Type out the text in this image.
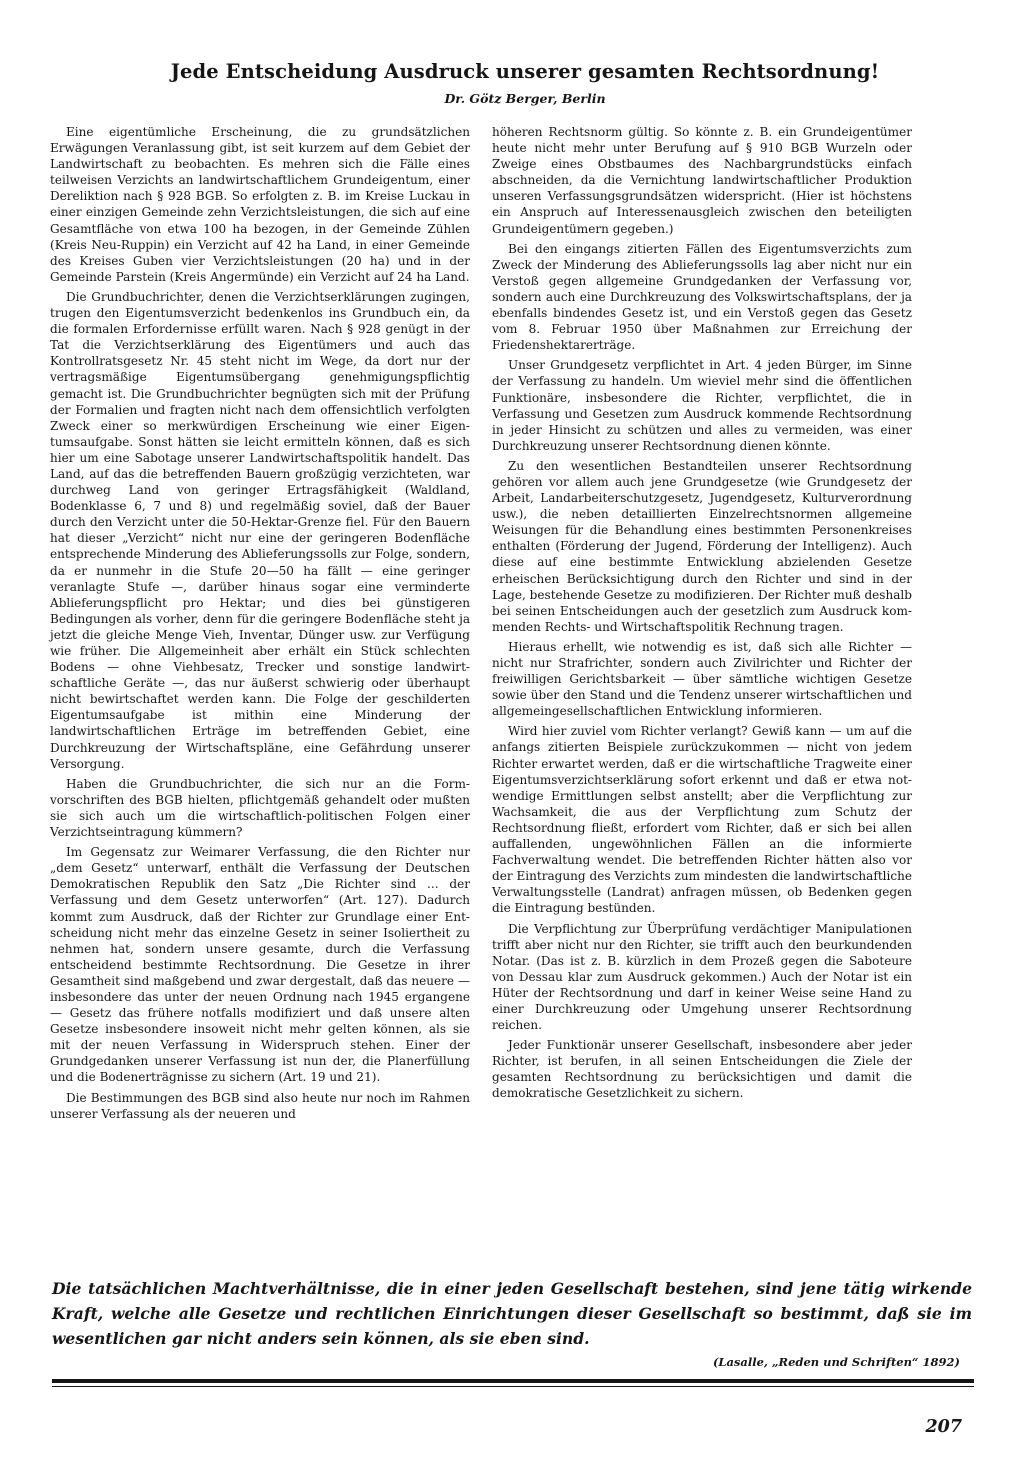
Jede Entscheidung Ausdruck unserer gesamten Rechtsordnung!

Dr. Götz Berger, Berlin

Eine eigentümliche Erscheinung, die zu grundsätzlichen Erwägungen Veranlassung gibt, ist seit kurzem auf dem Gebiet der Landwirtschaft zu beobachten. Es mehren sich die Fälle eines teilweisen Verzichts an landwirtschaftlichem Grundeigentum, einer Dereliktion nach § 928 BGB. So erfolgten z. B. im Kreise Luckau in einer einzigen Gemeinde zehn Verzichtsleistungen, die sich auf eine Gesamtfläche von etwa 100 ha bezogen, in der Gemeinde Zühlen (Kreis Neu-Ruppin) ein Verzicht auf 42 ha Land, in einer Gemeinde des Kreises Guben vier Verzichtsleistungen (20 ha) und in der Gemeinde Parstein (Kreis Angermünde) ein Verzicht auf 24 ha Land.

Die Grundbuchrichter, denen die Verzichtserklärungen zugingen, trugen den Eigentumsverzicht bedenkenlos ins Grundbuch ein, da die formalen Erfordernisse erfüllt waren. Nach § 928 genügt in der Tat die Verzichtserklärung des Eigentümers und auch das Kontrollratsgesetz Nr. 45 steht nicht im Wege, da dort nur der vertragsmäßige Eigentumsübergang genehmigungspflichtig gemacht ist. Die Grundbuchrichter begnügten sich mit der Prüfung der Formalien und fragten nicht nach dem offensichtlich verfolgten Zweck einer so merkwürdigen Erscheinung wie einer Eigentumsaufgabe. Sonst hätten sie leicht ermitteln können, daß es sich hier um eine Sabotage unserer Landwirtschaftspolitik handelt. Das Land, auf das die betreffenden Bauern großzügig verzichteten, war durchweg Land von geringer Ertragsfähigkeit (Waldland, Bodenklasse 6, 7 und 8) und regelmäßig soviel, daß der Bauer durch den Verzicht unter die 50-Hektar-Grenze fiel. Für den Bauern hat dieser „Verzicht“ nicht nur eine der geringeren Bodenfläche entsprechende Minderung des Ablieferungssolls zur Folge, sondern, da er nunmehr in die Stufe 20—50 ha fällt — eine geringer veranlagte Stufe —, darüber hinaus sogar eine verminderte Ablieferungspflicht pro Hektar; und dies bei günstigeren Bedingungen als vorher, denn für die geringere Bodenfläche steht ja jetzt die gleiche Menge Vieh, Inventar, Dünger usw. zur Verfügung wie früher. Die Allgemeinheit aber erhält ein Stück schlechten Bodens — ohne Viehbesatz, Trecker und sonstige landwirtschaftliche Geräte —, das nur äußerst schwierig oder überhaupt nicht bewirtschaftet werden kann. Die Folge der geschilderten Eigentumsaufgabe ist mithin eine Minderung der landwirtschaftlichen Erträge im betreffenden Gebiet, eine Durchkreuzung der Wirtschaftspläne, eine Gefährdung unserer Versorgung.

Haben die Grundbuchrichter, die sich nur an die Formvorschriften des BGB hielten, pflichtgemäß gehandelt oder mußten sie sich auch um die wirtschaftlich-politischen Folgen einer Verzichtseintragung kümmern?

Im Gegensatz zur Weimarer Verfassung, die den Richter nur „dem Gesetz“ unterwarf, enthält die Verfassung der Deutschen Demokratischen Republik den Satz „Die Richter sind ... der Verfassung und dem Gesetz unterworfen“ (Art. 127). Dadurch kommt zum Ausdruck, daß der Richter zur Grundlage einer Entscheidung nicht mehr das einzelne Gesetz in seiner Isoliertheit zu nehmen hat, sondern unsere gesamte, durch die Verfassung entscheidend bestimmte Rechtsordnung. Die Gesetze in ihrer Gesamtheit sind maßgebend und zwar dergestalt, daß das neuere — insbesondere das unter der neuen Ordnung nach 1945 ergangene — Gesetz das frühere notfalls modifiziert und daß unsere alten Gesetze insbesondere insoweit nicht mehr gelten können, als sie mit der neuen Verfassung in Widerspruch stehen. Einer der Grundgedanken unserer Verfassung ist nun der, die Planerfüllung und die Bodenerträgnisse zu sichern (Art. 19 und 21).

Die Bestimmungen des BGB sind also heute nur noch im Rahmen unserer Verfassung als der neueren und

höheren Rechtsnorm gültig. So könnte z. B. ein Grundeigentümer heute nicht mehr unter Berufung auf § 910 BGB Wurzeln oder Zweige eines Obstbaumes des Nachbargrundstücks einfach abschneiden, da die Vernichtung landwirtschaftlicher Produktion unseren Verfassungsgrundsätzen widerspricht. (Hier ist höchstens ein Anspruch auf Interessenausgleich zwischen den beteiligten Grundeigentümern gegeben.)

Bei den eingangs zitierten Fällen des Eigentumsverzichts zum Zweck der Minderung des Ablieferungssolls lag aber nicht nur ein Verstoß gegen allgemeine Grundgedanken der Verfassung vor, sondern auch eine Durchkreuzung des Volkswirtschaftsplans, der ja ebenfalls bindendes Gesetz ist, und ein Verstoß gegen das Gesetz vom 8. Februar 1950 über Maßnahmen zur Erreichung der Friedenshektarerträge.

Unser Grundgesetz verpflichtet in Art. 4 jeden Bürger, im Sinne der Verfassung zu handeln. Um wieviel mehr sind die öffentlichen Funktionäre, insbesondere die Richter, verpflichtet, die in Verfassung und Gesetzen zum Ausdruck kommende Rechtsordnung in jeder Hinsicht zu schützen und alles zu vermeiden, was einer Durchkreuzung unserer Rechtsordnung dienen könnte.

Zu den wesentlichen Bestandteilen unserer Rechtsordnung gehören vor allem auch jene Grundgesetze (wie Grundgesetz der Arbeit, Landarbeiterschutzgesetz, Jugendgesetz, Kulturverordnung usw.), die neben detaillierten Einzelrechtsnormen allgemeine Weisungen für die Behandlung eines bestimmten Personenkreises enthalten (Förderung der Jugend, Förderung der Intelligenz). Auch diese auf eine bestimmte Entwicklung abzielenden Gesetze erheischen Berücksichtigung durch den Richter und sind in der Lage, bestehende Gesetze zu modifizieren. Der Richter muß deshalb bei seinen Entscheidungen auch der gesetzlich zum Ausdruck kommenden Rechts- und Wirtschaftspolitik Rechnung tragen.

Hieraus erhellt, wie notwendig es ist, daß sich alle Richter — nicht nur Strafrichter, sondern auch Zivilrichter und Richter der freiwilligen Gerichtsbarkeit — über sämtliche wichtigen Gesetze sowie über den Stand und die Tendenz unserer wirtschaftlichen und allgemeingesellschaftlichen Entwicklung informieren.

Wird hier zuviel vom Richter verlangt? Gewiß kann — um auf die anfangs zitierten Beispiele zurückzukommen — nicht von jedem Richter erwartet werden, daß er die wirtschaftliche Tragweite einer Eigentumsverzichtserklärung sofort erkennt und daß er etwa notwendige Ermittlungen selbst anstellt; aber die Verpflichtung zur Wachsamkeit, die aus der Verpflichtung zum Schutz der Rechtsordnung fließt, erfordert vom Richter, daß er sich bei allen auffallenden, ungewöhnlichen Fällen an die informierte Fachverwaltung wendet. Die betreffenden Richter hätten also vor der Eintragung des Verzichts zum mindesten die landwirtschaftliche Verwaltungsstelle (Landrat) anfragen müssen, ob Bedenken gegen die Eintragung bestünden.

Die Verpflichtung zur Überprüfung verdächtiger Manipulationen trifft aber nicht nur den Richter, sie trifft auch den beurkundenden Notar. (Das ist z. B. kürzlich in dem Prozeß gegen die Saboteure von Dessau klar zum Ausdruck gekommen.) Auch der Notar ist ein Hüter der Rechtsordnung und darf in keiner Weise seine Hand zu einer Durchkreuzung oder Umgehung unserer Rechtsordnung reichen.

Jeder Funktionär unserer Gesellschaft, insbesondere aber jeder Richter, ist berufen, in all seinen Entscheidungen die Ziele der gesamten Rechtsordnung zu berücksichtigen und damit die demokratische Gesetzlichkeit zu sichern.

Die tatsächlichen Machtverhältnisse, die in einer jeden Gesellschaft bestehen, sind jene tätig wirkende Kraft, welche alle Gesetze und rechtlichen Einrichtungen dieser Gesellschaft so bestimmt, daß sie im wesentlichen gar nicht anders sein können, als sie eben sind.

(Lasalle, „Reden und Schriften“ 1892)

207
